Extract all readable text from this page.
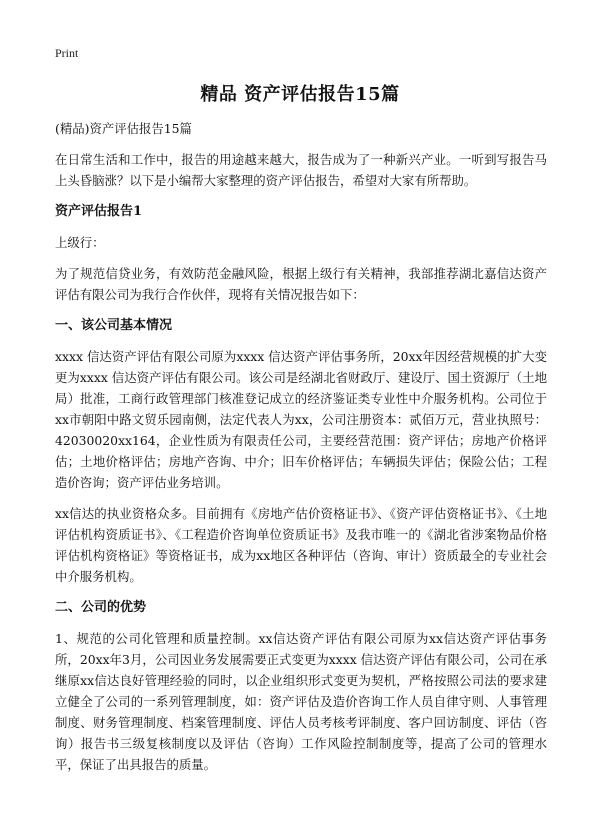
Print
精品 资产评估报告15篇

(精品)资产评估报告15篇

在日常生活和工作中，报告的用途越来越大，报告成为了一种新兴产业。一听到写报告马上头昏脑涨？以下是小编帮大家整理的资产评估报告，希望对大家有所帮助。

资产评估报告1

上级行：

为了规范信贷业务，有效防范金融风险，根据上级行有关精神，我部推荐湖北嘉信达资产评估有限公司为我行合作伙伴，现将有关情况报告如下：

一、该公司基本情况

xxxx 信达资产评估有限公司原为xxxx 信达资产评估事务所，20xx年因经营规模的扩大变更为xxxx 信达资产评估有限公司。该公司是经湖北省财政厅、建设厅、国土资源厅（土地局）批准，工商行政管理部门核准登记成立的经济鉴证类专业性中介服务机构。公司位于xx市朝阳中路文贸乐园南侧，法定代表人为xx，公司注册资本：贰佰万元，营业执照号：42030020xx164，企业性质为有限责任公司，主要经营范围：资产评估；房地产价格评估；土地价格评估；房地产咨询、中介；旧车价格评估；车辆损失评估；保险公估；工程造价咨询；资产评估业务培训。

xx信达的执业资格众多。目前拥有《房地产估价资格证书》、《资产评估资格证书》、《土地评估机构资质证书》、《工程造价咨询单位资质证书》及我市唯一的《湖北省涉案物品价格评估机构资格证》等资格证书，成为xx地区各种评估（咨询、审计）资质最全的专业社会中介服务机构。

二、公司的优势

1、规范的公司化管理和质量控制。xx信达资产评估有限公司原为xx信达资产评估事务所，20xx年3月，公司因业务发展需要正式变更为xxxx 信达资产评估有限公司，公司在承继原xx信达良好管理经验的同时，以企业组织形式变更为契机，严格按照公司法的要求建立健全了公司的一系列管理制度，如：资产评估及造价咨询工作人员自律守则、人事管理制度、财务管理制度、档案管理制度、评估人员考核考评制度、客户回访制度、评估（咨询）报告书三级复核制度以及评估（咨询）工作风险控制制度等，提高了公司的管理水平，保证了出具报告的质量。
